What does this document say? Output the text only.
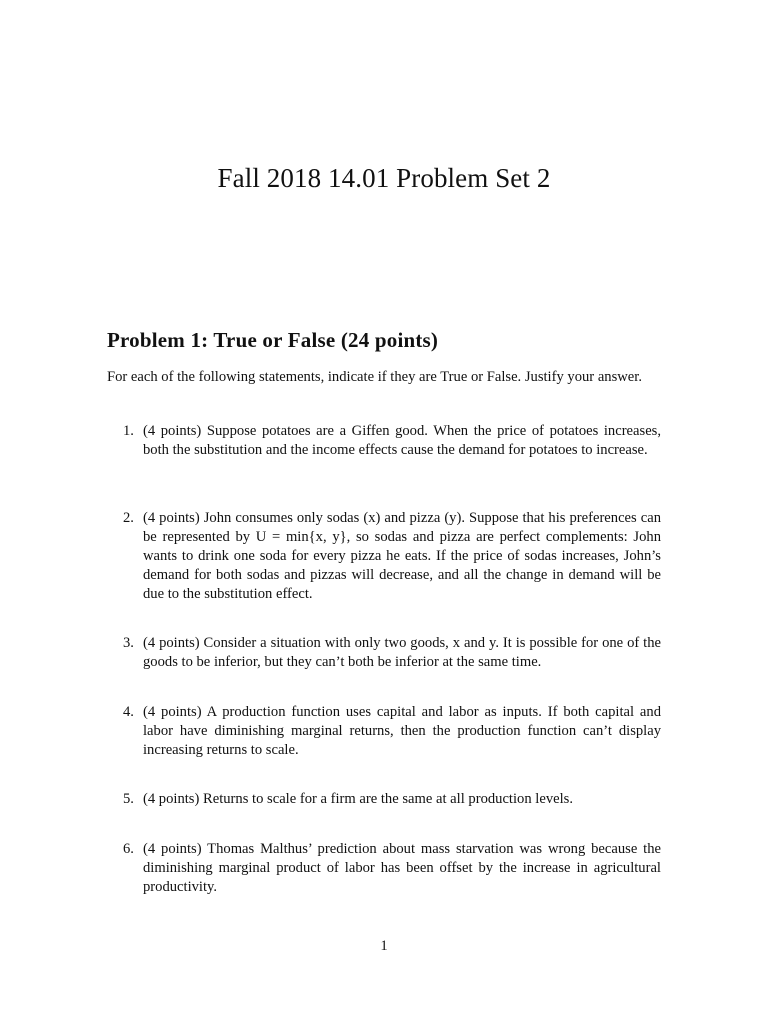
Fall 2018 14.01 Problem Set 2
Problem 1: True or False (24 points)
For each of the following statements, indicate if they are True or False. Justify your answer.
1. (4 points) Suppose potatoes are a Giffen good. When the price of potatoes increases, both the substitution and the income effects cause the demand for potatoes to increase.
2. (4 points) John consumes only sodas (x) and pizza (y). Suppose that his preferences can be represented by U = min{x, y}, so sodas and pizza are perfect complements: John wants to drink one soda for every pizza he eats. If the price of sodas increases, John’s demand for both sodas and pizzas will decrease, and all the change in demand will be due to the substitution effect.
3. (4 points) Consider a situation with only two goods, x and y. It is possible for one of the goods to be inferior, but they can’t both be inferior at the same time.
4. (4 points) A production function uses capital and labor as inputs. If both capital and labor have diminishing marginal returns, then the production function can’t display increasing returns to scale.
5. (4 points) Returns to scale for a firm are the same at all production levels.
6. (4 points) Thomas Malthus’ prediction about mass starvation was wrong because the diminishing marginal product of labor has been offset by the increase in agricultural productivity.
1
